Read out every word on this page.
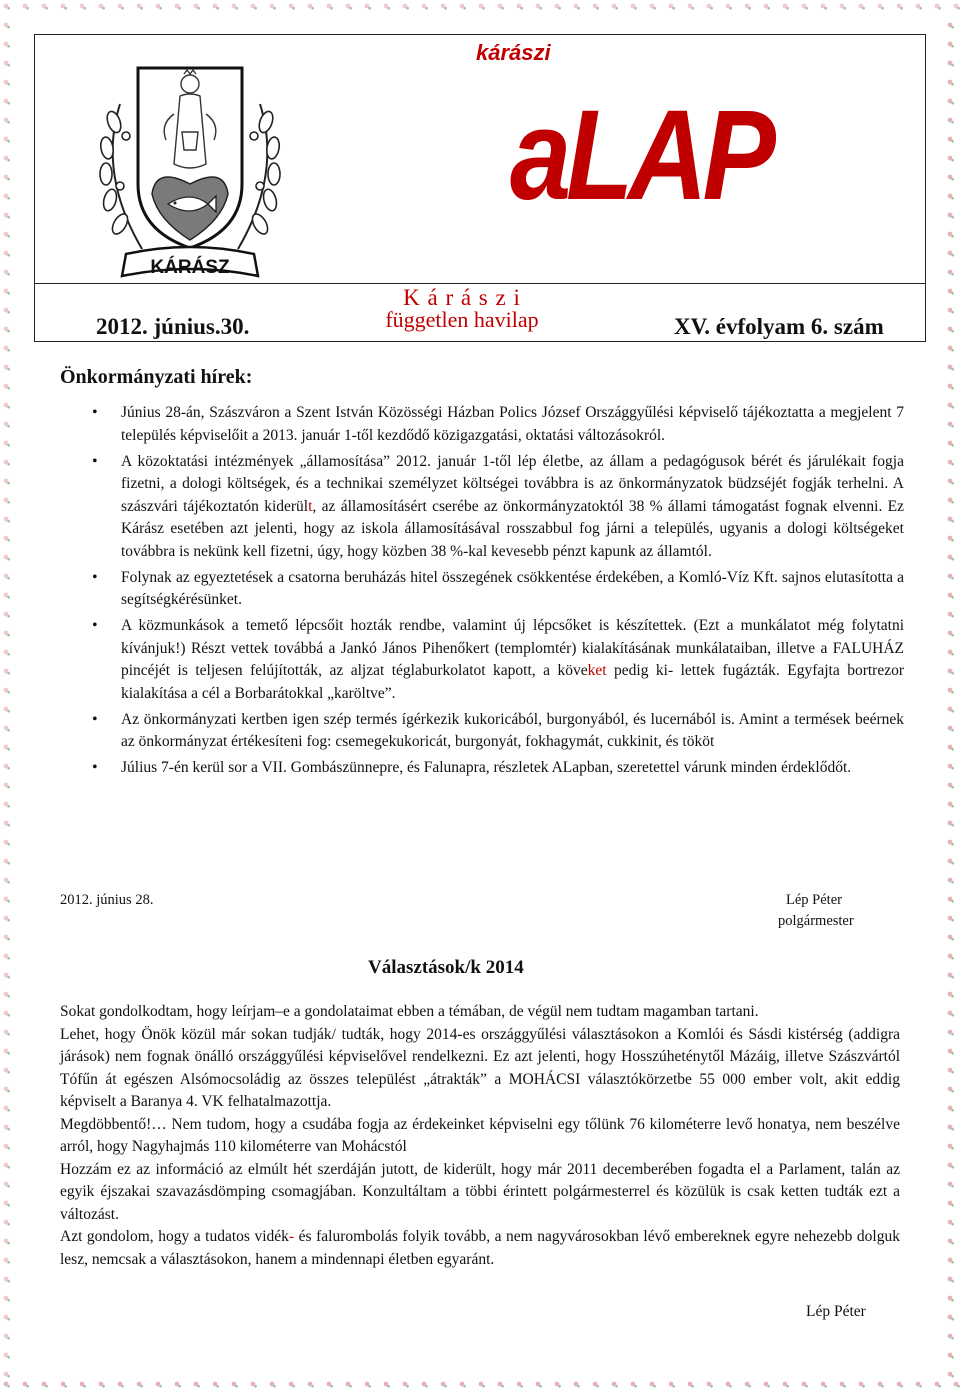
KÁRÁSZ
kárászi
aLAP
2012. június.30.
K á r á s z i
független havilap	XV. évfolyam 6. szám
Önkormányzati hírek:
• Június 28-án, Szászváron a Szent István Közösségi Házban Polics József Országgyűlési képviselő tájékoztatta a megjelent 7 település képviselőit a 2013. január 1-től kezdődő közigazgatási, oktatási változásokról.
• A közoktatási intézmények „államosítása” 2012. január 1-től lép életbe, az állam a pedagógusok bérét és járulékait fogja fizetni, a dologi költségek, és a technikai személyzet költségei továbbra is az önkormányzatok büdzséjét fogják terhelni. A szászvári tájékoztatón kiderült, az államosításért cserébe az önkormányzatoktól 38 % állami támogatást fognak elvenni. Ez Kárász esetében azt jelenti, hogy az iskola államosításával rosszabbul fog járni a település, ugyanis a dologi költségeket továbbra is nekünk kell fizetni, úgy, hogy közben 38 %-kal kevesebb pénzt kapunk az államtól.
• Folynak az egyeztetések a csatorna beruházás hitel összegének csökkentése érdekében, a Komló-Víz Kft. sajnos elutasította a segítségkérésünket.
• A közmunkások a temető lépcsőit hozták rendbe, valamint új lépcsőket is készítettek. (Ezt a munkálatot még folytatni kívánjuk!) Részt vettek továbbá a Jankó János Pihenőkert (templomtér) kialakításának munkálataiban, illetve a FALUHÁZ pincéjét is teljesen felújították, az aljzat téglaburkolatot kapott, a köveket pedig ki- lettek fugázták. Egyfajta bortrezor kialakítása a cél a Borbarátokkal „karöltve”.
• Az önkormányzati kertben igen szép termés ígérkezik kukoricából, burgonyából, és lucernából is. Amint a termések beérnek az önkormányzat értékesíteni fog: csemegekukoricát, burgonyát, fokhagymát, cukkinit, és tököt
• Július 7-én kerül sor a VII. Gombászünnepre, és Falunapra, részletek ALapban, szeretettel várunk minden érdeklődőt.
2012. június 28.	Lép Péter
polgármester
Választások/k 2014

Sokat gondolkodtam, hogy leírjam–e a gondolataimat ebben a témában, de végül nem tudtam magamban tartani.

Lehet, hogy Önök közül már sokan tudják/ tudták, hogy 2014-es országgyűlési választásokon a Komlói és Sásdi kistérség (addigra járások) nem fognak önálló országgyűlési képviselővel rendelkezni. Ez azt jelenti, hogy Hosszúheténytől Mázáig, illetve Szászvártól Tófűn át egészen Alsómocsoládig az összes települést „átrakták” a MOHÁCSI választókörzetbe 55 000 ember volt, akit eddig képviselt a Baranya 4. VK felhatalmazottja.

Megdöbbentő!… Nem tudom, hogy a csudába fogja az érdekeinket képviselni egy tőlünk 76 kilométerre levő honatya, nem beszélve arról, hogy Nagyhajmás 110 kilométerre van Mohácstól

Hozzám ez az információ az elmúlt hét szerdáján jutott, de kiderült, hogy már 2011 decemberében fogadta el a Parlament, talán az egyik éjszakai szavazásdömping csomagjában. Konzultáltam a többi érintett polgármesterrel és közülük is csak ketten tudták ezt a változást.

Azt gondolom, hogy a tudatos vidék- és falurombolás folyik tovább, a nem nagyvárosokban lévő embereknek egyre nehezebb dolguk lesz, nemcsak a választásokon, hanem a mindennapi életben egyaránt.

Lép Péter
